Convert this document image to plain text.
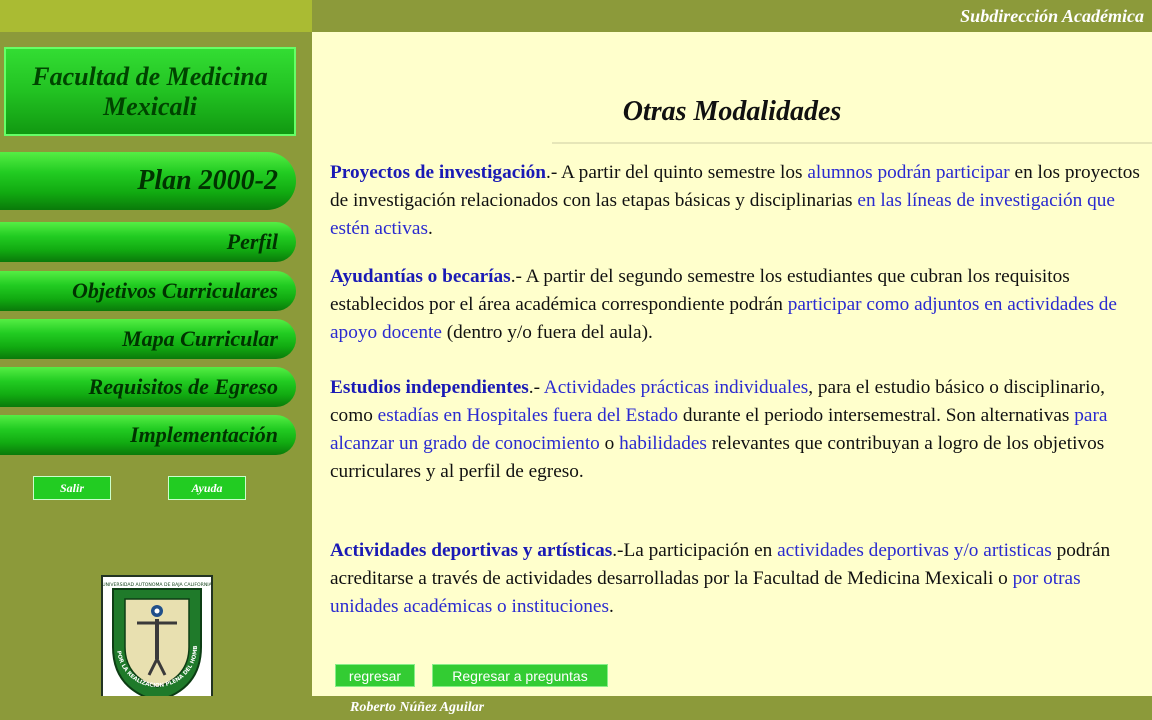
Subdirección Académica
Facultad de Medicina
Mexicali
Plan 2000-2
Perfil
Objetivos Curriculares
Mapa Curricular
Requisitos de Egreso
Implementación
Salir	Ayuda
POR LA REALIZACION PLENA DEL HOMB
UNIVERSIDAD AUTONOMA DE BAJA CALIFORNIA
Otras Modalidades

Proyectos de investigación.- A partir del quinto semestre los alumnos podrán participar en los proyectos de investigación relacionados con las etapas básicas y disciplinarias en las líneas de investigación que estén activas.

Ayudantías o becarías.- A partir del segundo semestre los estudiantes que cubran los requisitos establecidos por el área académica correspondiente podrán participar como adjuntos en actividades de apoyo docente (dentro y/o fuera del aula).

Estudios independientes.- Actividades prácticas individuales, para el estudio básico o disciplinario, como estadías en Hospitales fuera del Estado durante el periodo intersemestral. Son alternativas para alcanzar un grado de conocimiento o habilidades relevantes que contribuyan a logro de los objetivos curriculares y al perfil de egreso.

Actividades deportivas y artísticas.-La participación en actividades deportivas y/o artisticas podrán acreditarse a través de actividades desarrolladas por la Facultad de Medicina Mexicali o por otras unidades académicas o instituciones.

regresar	Regresar a preguntas
Roberto Núñez Aguilar
